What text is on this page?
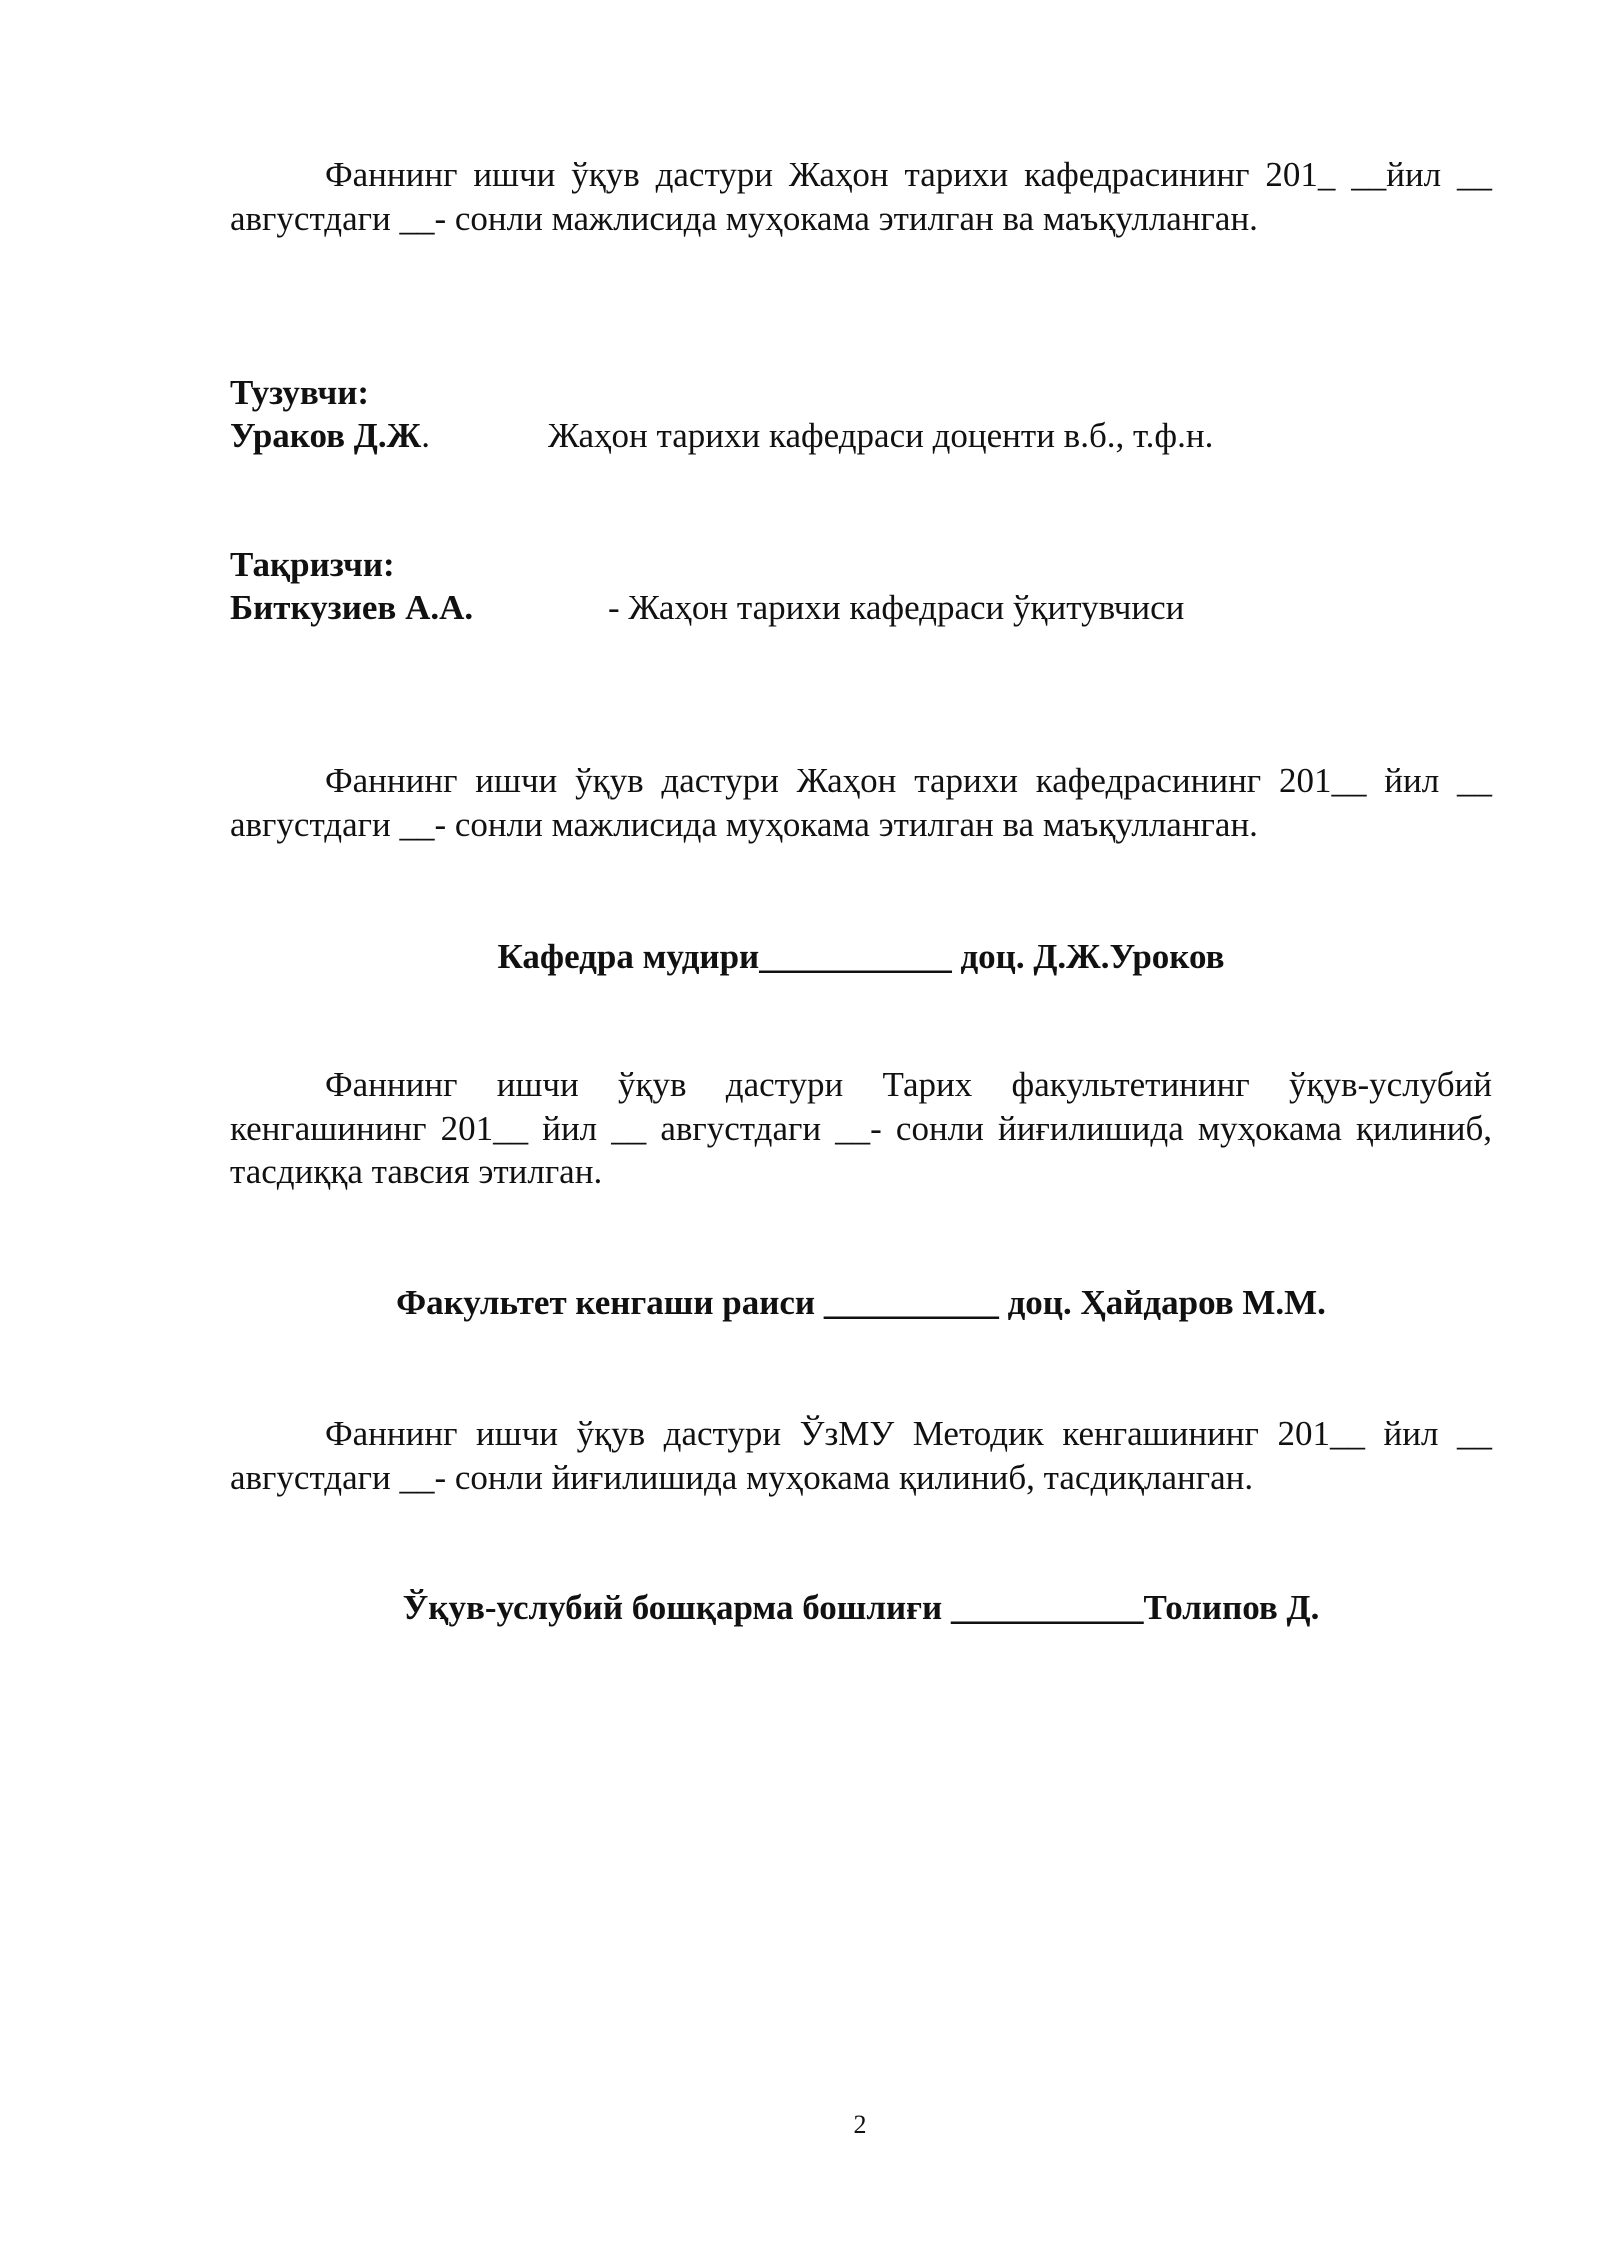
Фаннинг ишчи ўқув дастури Жаҳон тарихи кафедрасининг 201_ __йил __ августдаги __- сонли мажлисида муҳокама этилган ва маъқулланган.

Тузувчи:
Ураков Д.Ж.	Жаҳон тарихи кафедраси доценти в.б., т.ф.н.
Тақризчи:
Биткузиев А.А.	- Жаҳон тарихи кафедраси ўқитувчиси

Фаннинг ишчи ўқув дастури Жаҳон тарихи кафедрасининг 201__ йил __ августдаги __- сонли мажлисида муҳокама этилган ва маъқулланган.

Кафедра мудири___________ доц. Д.Ж.Уроков

Фаннинг ишчи ўқув дастури Тарих факультетининг ўқув-услубий кенгашининг 201__ йил __ августдаги __- сонли йиғилишида муҳокама қилиниб, тасдиққа тавсия этилган.

Факультет кенгаши раиси __________ доц. Ҳайдаров М.М.

Фаннинг ишчи ўқув дастури ЎзМУ Методик кенгашининг 201__ йил __ августдаги __- сонли йиғилишида муҳокама қилиниб, тасдиқланган.

Ўқув-услубий бошқарма бошлиғи ___________Толипов Д.
2
